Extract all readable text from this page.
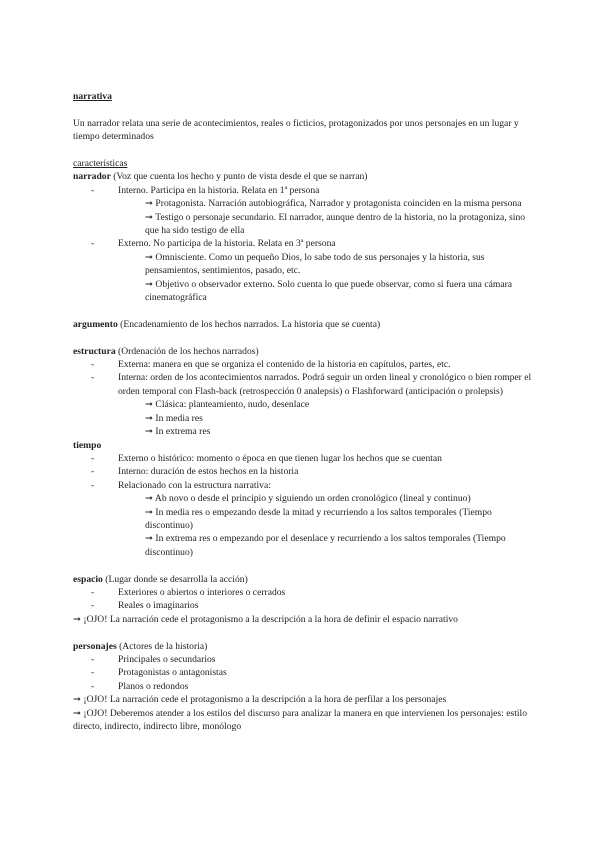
narrativa

Un narrador relata una serie de acontecimientos, reales o ficticios, protagonizados por unos personajes en un lugar y tiempo determinados

características

narrador (Voz que cuenta los hecho y punto de vista desde el que se narran)

- Interno. Participa en la historia. Relata en 1ª persona

➞ Protagonista. Narración autobiográfica, Narrador y protagonista coinciden en la misma persona

➞ Testigo o personaje secundario. El narrador, aunque dentro de la historia, no la protagoniza, sino que ha sido testigo de ella

- Externo. No participa de la historia. Relata en 3ª persona

➞ Omnisciente. Como un pequeño Dios, lo sabe todo de sus personajes y la historia, sus pensamientos, sentimientos, pasado, etc.

➞ Objetivo o observador externo. Solo cuenta lo que puede observar, como si fuera una cámara cinematográfica

argumento (Encadenamiento de los hechos narrados. La historia que se cuenta)

estructura (Ordenación de los hechos narrados)

- Externa: manera en que se organiza el contenido de la historia en capítulos, partes, etc.

- Interna: orden de los acontecimientos narrados. Podrá seguir un orden lineal y cronológico o bien romper el orden temporal con Flash-back (retrospección 0 analepsis) o Flashforward (anticipación o prolepsis)

➞ Clásica: planteamiento, nudo, desenlace

➞ In media res

➞ In extrema res

tiempo

- Externo o histórico: momento o época en que tienen lugar los hechos que se cuentan

- Interno: duración de estos hechos en la historia

- Relacionado con la estructura narrativa:

➞ Ab novo o desde el principio y siguiendo un orden cronológico (lineal y continuo)

➞ In media res o empezando desde la mitad y recurriendo a los saltos temporales (Tiempo discontinuo)

➞ In extrema res o empezando por el desenlace y recurriendo a los saltos temporales (Tiempo discontinuo)

espacio (Lugar donde se desarrolla la acción)

- Exteriores o abiertos o interiores o cerrados

- Reales o imaginarios

➞ ¡OJO! La narración cede el protagonismo a la descripción a la hora de definir el espacio narrativo

personajes (Actores de la historia)

- Principales o secundarios

- Protagonistas o antagonistas

- Planos o redondos

➞ ¡OJO! La narración cede el protagonismo a la descripción a la hora de perfilar a los personajes

➞ ¡OJO! Deberemos atender a los estilos del discurso para analizar la manera en que intervienen los personajes: estilo directo, indirecto, indirecto libre, monólogo
